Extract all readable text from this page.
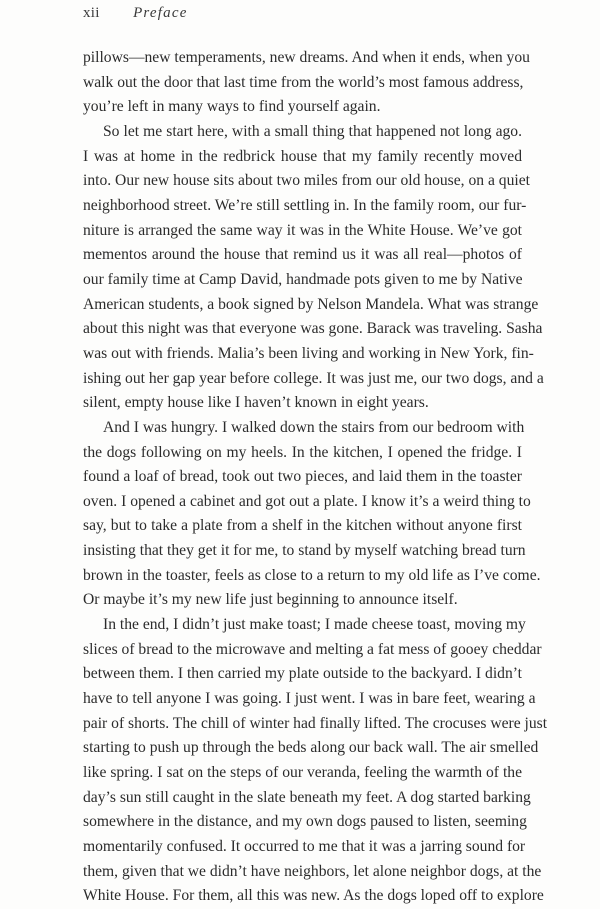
xii Preface

pillows—new temperaments, new dreams. And when it ends, when you
walk out the door that last time from the world’s most famous address,
you’re left in many ways to find yourself again.

So let me start here, with a small thing that happened not long ago.
I was at home in the redbrick house that my family recently moved
into. Our new house sits about two miles from our old house, on a quiet
neighborhood street. We’re still settling in. In the family room, our fur-
niture is arranged the same way it was in the White House. We’ve got
mementos around the house that remind us it was all real—photos of
our family time at Camp David, handmade pots given to me by Native
American students, a book signed by Nelson Mandela. What was strange
about this night was that everyone was gone. Barack was traveling. Sasha
was out with friends. Malia’s been living and working in New York, fin-
ishing out her gap year before college. It was just me, our two dogs, and a
silent, empty house like I haven’t known in eight years.

And I was hungry. I walked down the stairs from our bedroom with
the dogs following on my heels. In the kitchen, I opened the fridge. I
found a loaf of bread, took out two pieces, and laid them in the toaster
oven. I opened a cabinet and got out a plate. I know it’s a weird thing to
say, but to take a plate from a shelf in the kitchen without anyone first
insisting that they get it for me, to stand by myself watching bread turn
brown in the toaster, feels as close to a return to my old life as I’ve come.
Or maybe it’s my new life just beginning to announce itself.

In the end, I didn’t just make toast; I made cheese toast, moving my
slices of bread to the microwave and melting a fat mess of gooey cheddar
between them. I then carried my plate outside to the backyard. I didn’t
have to tell anyone I was going. I just went. I was in bare feet, wearing a
pair of shorts. The chill of winter had finally lifted. The crocuses were just
starting to push up through the beds along our back wall. The air smelled
like spring. I sat on the steps of our veranda, feeling the warmth of the
day’s sun still caught in the slate beneath my feet. A dog started barking
somewhere in the distance, and my own dogs paused to listen, seeming
momentarily confused. It occurred to me that it was a jarring sound for
them, given that we didn’t have neighbors, let alone neighbor dogs, at the
White House. For them, all this was new. As the dogs loped off to explore
